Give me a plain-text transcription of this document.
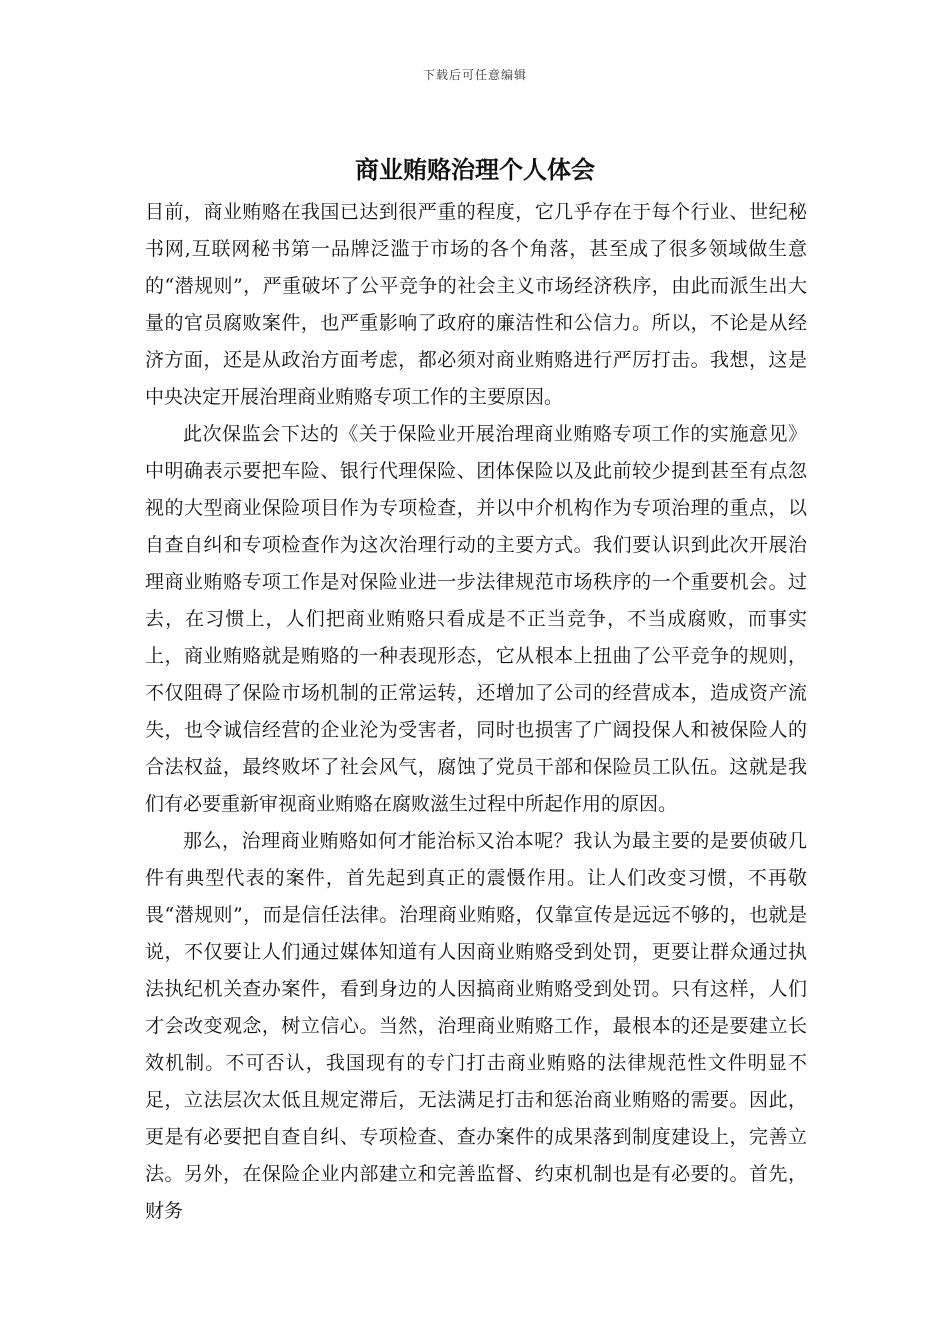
下载后可任意编辑
商业贿赂治理个人体会

目前，商业贿赂在我国已达到很严重的程度，它几乎存在于每个行业、世纪秘书网,互联网秘书第一品牌泛滥于市场的各个角落，甚至成了很多领域做生意的“潜规则”，严重破坏了公平竞争的社会主义市场经济秩序，由此而派生出大量的官员腐败案件，也严重影响了政府的廉洁性和公信力。所以，不论是从经济方面，还是从政治方面考虑，都必须对商业贿赂进行严厉打击。我想，这是中央决定开展治理商业贿赂专项工作的主要原因。

此次保监会下达的《关于保险业开展治理商业贿赂专项工作的实施意见》中明确表示要把车险、银行代理保险、团体保险以及此前较少提到甚至有点忽视的大型商业保险项目作为专项检查，并以中介机构作为专项治理的重点，以自查自纠和专项检查作为这次治理行动的主要方式。我们要认识到此次开展治理商业贿赂专项工作是对保险业进一步法律规范市场秩序的一个重要机会。过去，在习惯上，人们把商业贿赂只看成是不正当竞争，不当成腐败，而事实上，商业贿赂就是贿赂的一种表现形态，它从根本上扭曲了公平竞争的规则，不仅阻碍了保险市场机制的正常运转，还增加了公司的经营成本，造成资产流失，也令诚信经营的企业沦为受害者，同时也损害了广阔投保人和被保险人的合法权益，最终败坏了社会风气，腐蚀了党员干部和保险员工队伍。这就是我们有必要重新审视商业贿赂在腐败滋生过程中所起作用的原因。

那么，治理商业贿赂如何才能治标又治本呢？我认为最主要的是要侦破几件有典型代表的案件，首先起到真正的震慑作用。让人们改变习惯，不再敬畏“潜规则”，而是信任法律。治理商业贿赂，仅靠宣传是远远不够的，也就是说，不仅要让人们通过媒体知道有人因商业贿赂受到处罚，更要让群众通过执法执纪机关查办案件，看到身边的人因搞商业贿赂受到处罚。只有这样，人们才会改变观念，树立信心。当然，治理商业贿赂工作，最根本的还是要建立长效机制。不可否认，我国现有的专门打击商业贿赂的法律规范性文件明显不足，立法层次太低且规定滞后，无法满足打击和惩治商业贿赂的需要。因此，更是有必要把自查自纠、专项检查、查办案件的成果落到制度建设上，完善立法。另外，在保险企业内部建立和完善监督、约束机制也是有必要的。首先，财务
